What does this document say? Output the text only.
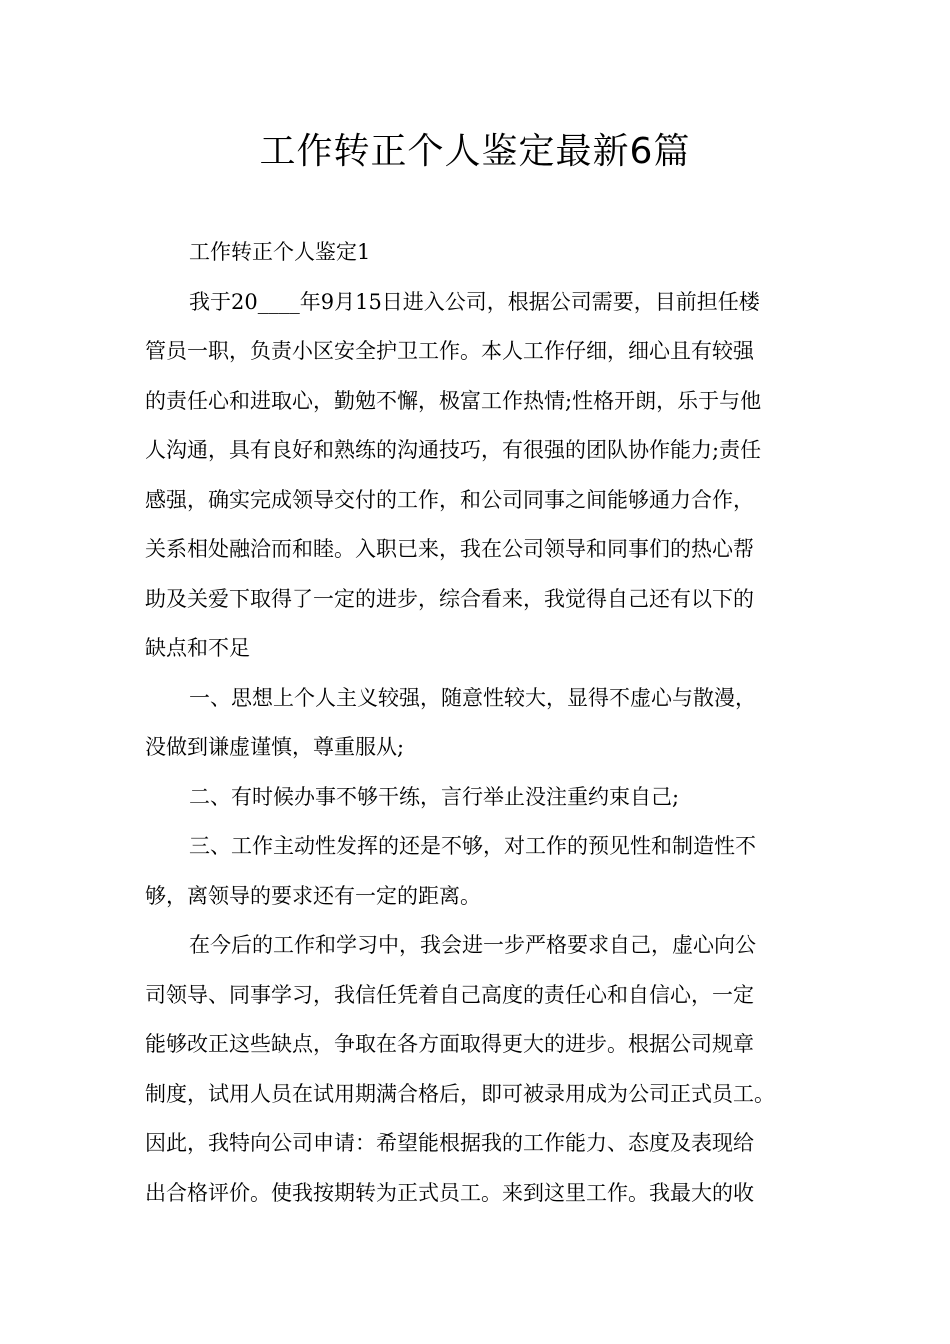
工作转正个人鉴定最新6篇
工作转正个人鉴定1
我于20____年9月15日进入公司，根据公司需要，目前担任楼
管员一职，负责小区安全护卫工作。本人工作仔细，细心且有较强
的责任心和进取心，勤勉不懈，极富工作热情;性格开朗，乐于与他
人沟通，具有良好和熟练的沟通技巧，有很强的团队协作能力;责任
感强，确实完成领导交付的工作，和公司同事之间能够通力合作，
关系相处融洽而和睦。入职已来，我在公司领导和同事们的热心帮
助及关爱下取得了一定的进步，综合看来，我觉得自己还有以下的
缺点和不足
一、思想上个人主义较强，随意性较大，显得不虚心与散漫，
没做到谦虚谨慎，尊重服从;
二、有时候办事不够干练，言行举止没注重约束自己;
三、工作主动性发挥的还是不够，对工作的预见性和制造性不
够，离领导的要求还有一定的距离。
在今后的工作和学习中，我会进一步严格要求自己，虚心向公
司领导、同事学习，我信任凭着自己高度的责任心和自信心，一定
能够改正这些缺点，争取在各方面取得更大的进步。根据公司规章
制度，试用人员在试用期满合格后，即可被录用成为公司正式员工。
因此，我特向公司申请：希望能根据我的工作能力、态度及表现给
出合格评价。使我按期转为正式员工。来到这里工作。我最大的收
